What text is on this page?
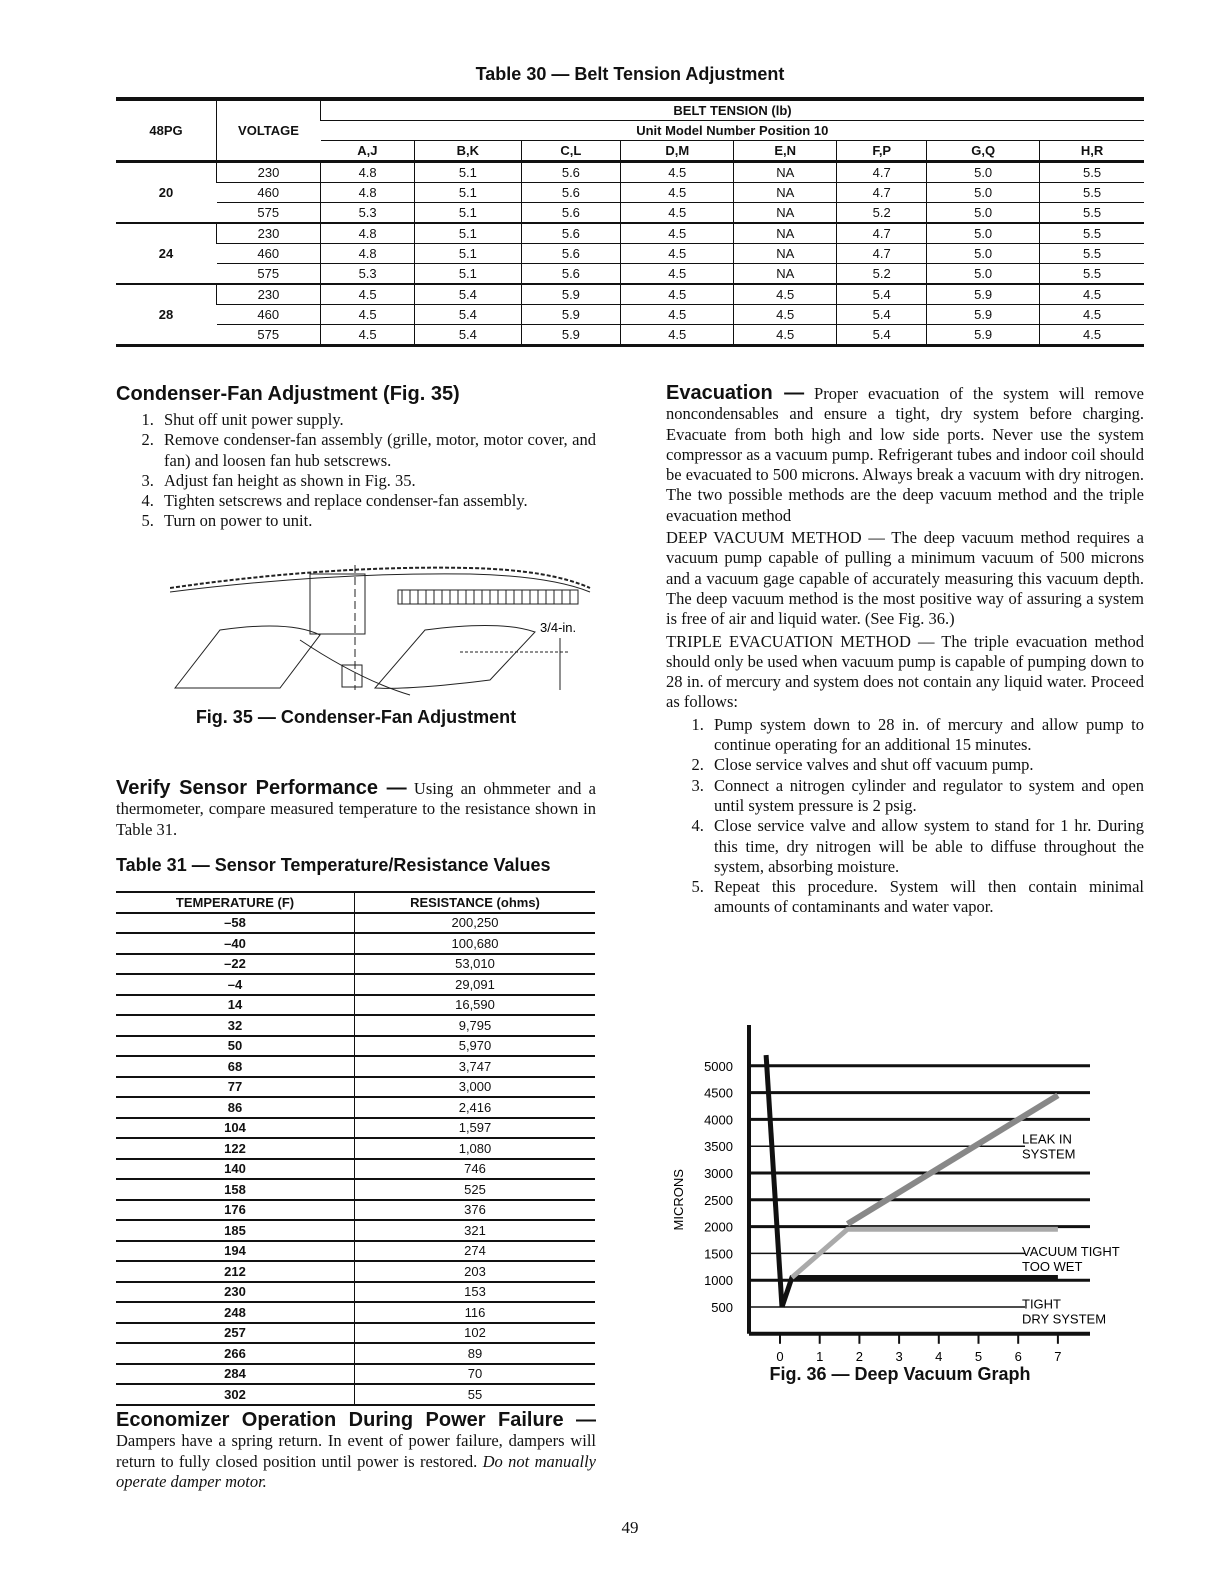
Table 30 — Belt Tension Adjustment
48PG	VOLTAGE	BELT TENSION (lb)							
		Unit Model Number Position 10							
		A,J	B,K	C,L	D,M	E,N	F,P	G,Q	H,R
20	230	4.8	5.1	5.6	4.5	NA	4.7	5.0	5.5
	460	4.8	5.1	5.6	4.5	NA	4.7	5.0	5.5
	575	5.3	5.1	5.6	4.5	NA	5.2	5.0	5.5
24	230	4.8	5.1	5.6	4.5	NA	4.7	5.0	5.5
	460	4.8	5.1	5.6	4.5	NA	4.7	5.0	5.5
	575	5.3	5.1	5.6	4.5	NA	5.2	5.0	5.5
28	230	4.5	5.4	5.9	4.5	4.5	5.4	5.9	4.5
	460	4.5	5.4	5.9	4.5	4.5	5.4	5.9	4.5
	575	4.5	5.4	5.9	4.5	4.5	5.4	5.9	4.5
Condenser-Fan Adjustment (Fig. 35)
1. Shut off unit power supply.
2. Remove condenser-fan assembly (grille, motor, motor cover, and fan) and loosen fan hub setscrews.
3. Adjust fan height as shown in Fig. 35.
4. Tighten setscrews and replace condenser-fan assembly.
5. Turn on power to unit.
3/4-in.
Fig. 35 — Condenser-Fan Adjustment
Verify Sensor Performance — Using an ohmmeter and a thermometer, compare measured temperature to the resistance shown in Table 31.
Table 31 — Sensor Temperature/Resistance Values
TEMPERATURE (F)	RESISTANCE (ohms)
–58	200,250
–40	100,680
–22	53,010
–4	29,091
14	16,590
32	9,795
50	5,970
68	3,747
77	3,000
86	2,416
104	1,597
122	1,080
140	746
158	525
176	376
185	321
194	274
212	203
230	153
248	116
257	102
266	89
284	70
302	55
Economizer Operation During Power Failure — Dampers have a spring return. In event of power failure, dampers will return to fully closed position until power is restored. Do not manually operate damper motor.
Evacuation — Proper evacuation of the system will remove noncondensables and ensure a tight, dry system before charging. Evacuate from both high and low side ports. Never use the system compressor as a vacuum pump. Refrigerant tubes and indoor coil should be evacuated to 500 microns. Always break a vacuum with dry nitrogen. The two possible methods are the deep vacuum method and the triple evacuation method
DEEP VACUUM METHOD — The deep vacuum method requires a vacuum pump capable of pulling a minimum vacuum of 500 microns and a vacuum gage capable of accurately measuring this vacuum depth. The deep vacuum method is the most positive way of assuring a system is free of air and liquid water. (See Fig. 36.)
TRIPLE EVACUATION METHOD — The triple evacuation method should only be used when vacuum pump is capable of pumping down to 28 in. of mercury and system does not contain any liquid water. Proceed as follows:
1. Pump system down to 28 in. of mercury and allow pump to continue operating for an additional 15 minutes.
2. Close service valves and shut off vacuum pump.
3. Connect a nitrogen cylinder and regulator to system and open until system pressure is 2 psig.
4. Close service valve and allow system to stand for 1 hr. During this time, dry nitrogen will be able to diffuse throughout the system, absorbing moisture.
5. Repeat this procedure. System will then contain minimal amounts of contaminants and water vapor.
5000
4500
4000
3500
3000
2500
2000
1500
1000
500
0 1 2 3 4 5 6 7
MICRONS
LEAK IN
SYSTEM
VACUUM TIGHT
TOO WET
TIGHT
DRY SYSTEM
Fig. 36 — Deep Vacuum Graph
49
